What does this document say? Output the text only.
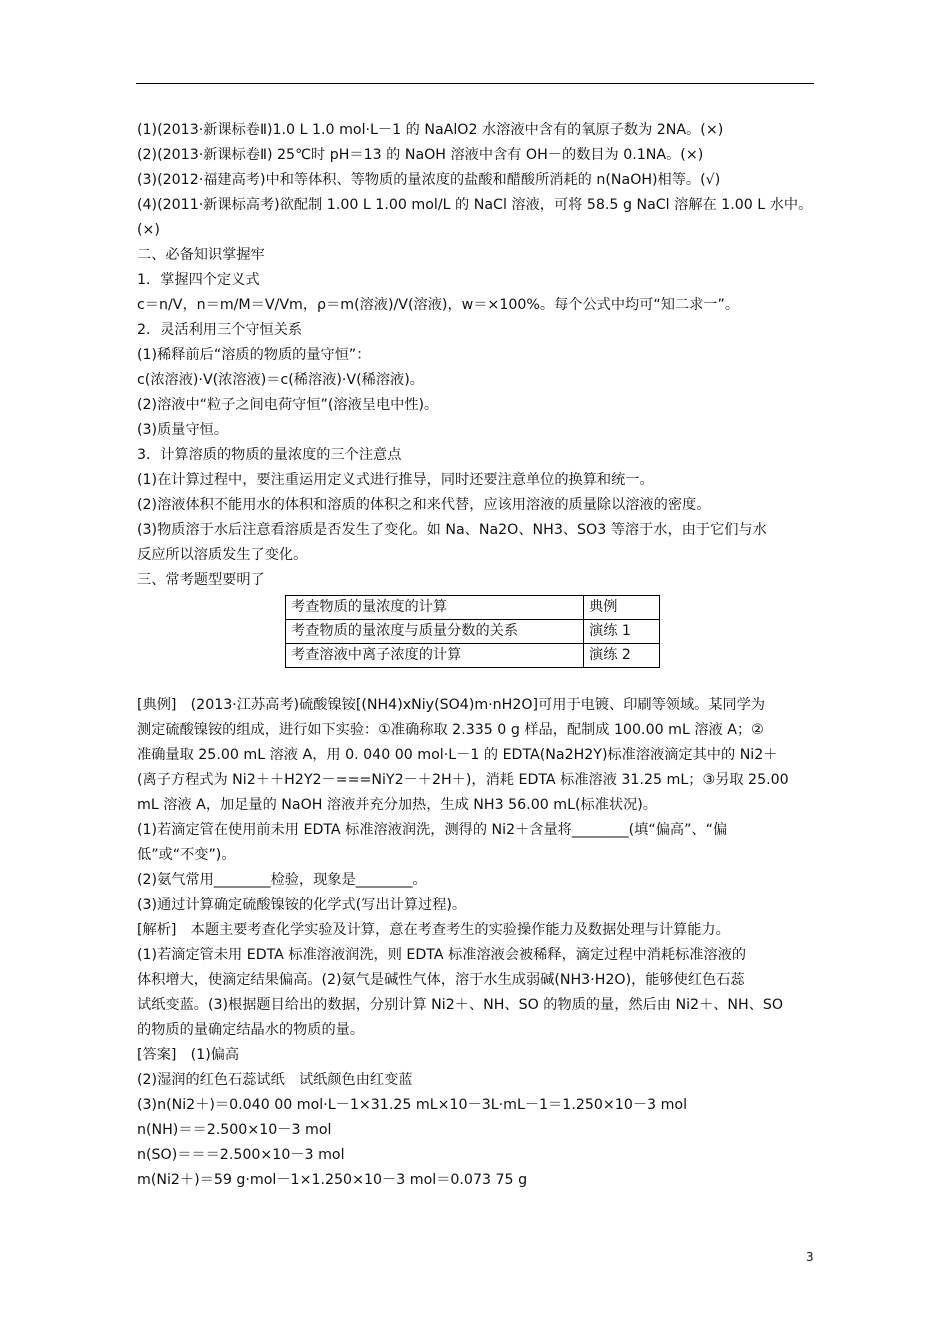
(1)(2013·新课标卷Ⅱ)1.0 L 1.0 mol·L－1 的 NaAlO2 水溶液中含有的氧原子数为 2NA。(×)
(2)(2013·新课标卷Ⅱ) 25℃时 pH＝13 的 NaOH 溶液中含有 OH－的数目为 0.1NA。(×)
(3)(2012·福建高考)中和等体积、等物质的量浓度的盐酸和醋酸所消耗的 n(NaOH)相等。(√)
(4)(2011·新课标高考)欲配制 1.00 L 1.00 mol/L 的 NaCl 溶液，可将 58.5 g NaCl 溶解在 1.00 L 水中。
(×)
二、必备知识掌握牢
1．掌握四个定义式
c＝n/V，n＝m/M＝V/Vm，ρ＝m(溶液)/V(溶液)，w＝×100%。每个公式中均可“知二求一”。
2．灵活利用三个守恒关系
(1)稀释前后“溶质的物质的量守恒”：
c(浓溶液)·V(浓溶液)＝c(稀溶液)·V(稀溶液)。
(2)溶液中“粒子之间电荷守恒”(溶液呈电中性)。
(3)质量守恒。
3．计算溶质的物质的量浓度的三个注意点
(1)在计算过程中，要注重运用定义式进行推导，同时还要注意单位的换算和统一。
(2)溶液体积不能用水的体积和溶质的体积之和来代替，应该用溶液的质量除以溶液的密度。
(3)物质溶于水后注意看溶质是否发生了变化。如 Na、Na2O、NH3、SO3 等溶于水，由于它们与水
反应所以溶质发生了变化。
三、常考题型要明了
考查物质的量浓度的计算	典例
考查物质的量浓度与质量分数的关系	演练 1
考查溶液中离子浓度的计算	演练 2
[典例]　(2013·江苏高考)硫酸镍铵[(NH4)xNiy(SO4)m·nH2O]可用于电镀、印刷等领域。某同学为
测定硫酸镍铵的组成，进行如下实验：①准确称取 2.335 0 g 样品，配制成 100.00 mL 溶液 A；②
准确量取 25.00 mL 溶液 A，用 0. 040 00 mol·L－1 的 EDTA(Na2H2Y)标准溶液滴定其中的 Ni2＋
(离子方程式为 Ni2＋＋H2Y2－===NiY2－＋2H＋)，消耗 EDTA 标准溶液 31.25 mL；③另取 25.00
mL 溶液 A，加足量的 NaOH 溶液并充分加热，生成 NH3 56.00 mL(标准状况)。
(1)若滴定管在使用前未用 EDTA 标准溶液润洗，测得的 Ni2＋含量将________(填“偏高”、“偏
低”或“不变”)。
(2)氨气常用________检验，现象是________。
(3)通过计算确定硫酸镍铵的化学式(写出计算过程)。
[解析]　本题主要考查化学实验及计算，意在考查考生的实验操作能力及数据处理与计算能力。
(1)若滴定管未用 EDTA 标准溶液润洗，则 EDTA 标准溶液会被稀释，滴定过程中消耗标准溶液的
体积增大，使滴定结果偏高。(2)氨气是碱性气体，溶于水生成弱碱(NH3·H2O)，能够使红色石蕊
试纸变蓝。(3)根据题目给出的数据，分别计算 Ni2＋、NH、SO 的物质的量，然后由 Ni2＋、NH、SO
的物质的量确定结晶水的物质的量。
[答案]　(1)偏高
(2)湿润的红色石蕊试纸　试纸颜色由红变蓝
(3)n(Ni2＋)＝0.040 00 mol·L－1×31.25 mL×10－3L·mL－1＝1.250×10－3 mol
n(NH)＝＝2.500×10－3 mol
n(SO)＝＝＝2.500×10－3 mol
m(Ni2＋)＝59 g·mol－1×1.250×10－3 mol＝0.073 75 g
3
